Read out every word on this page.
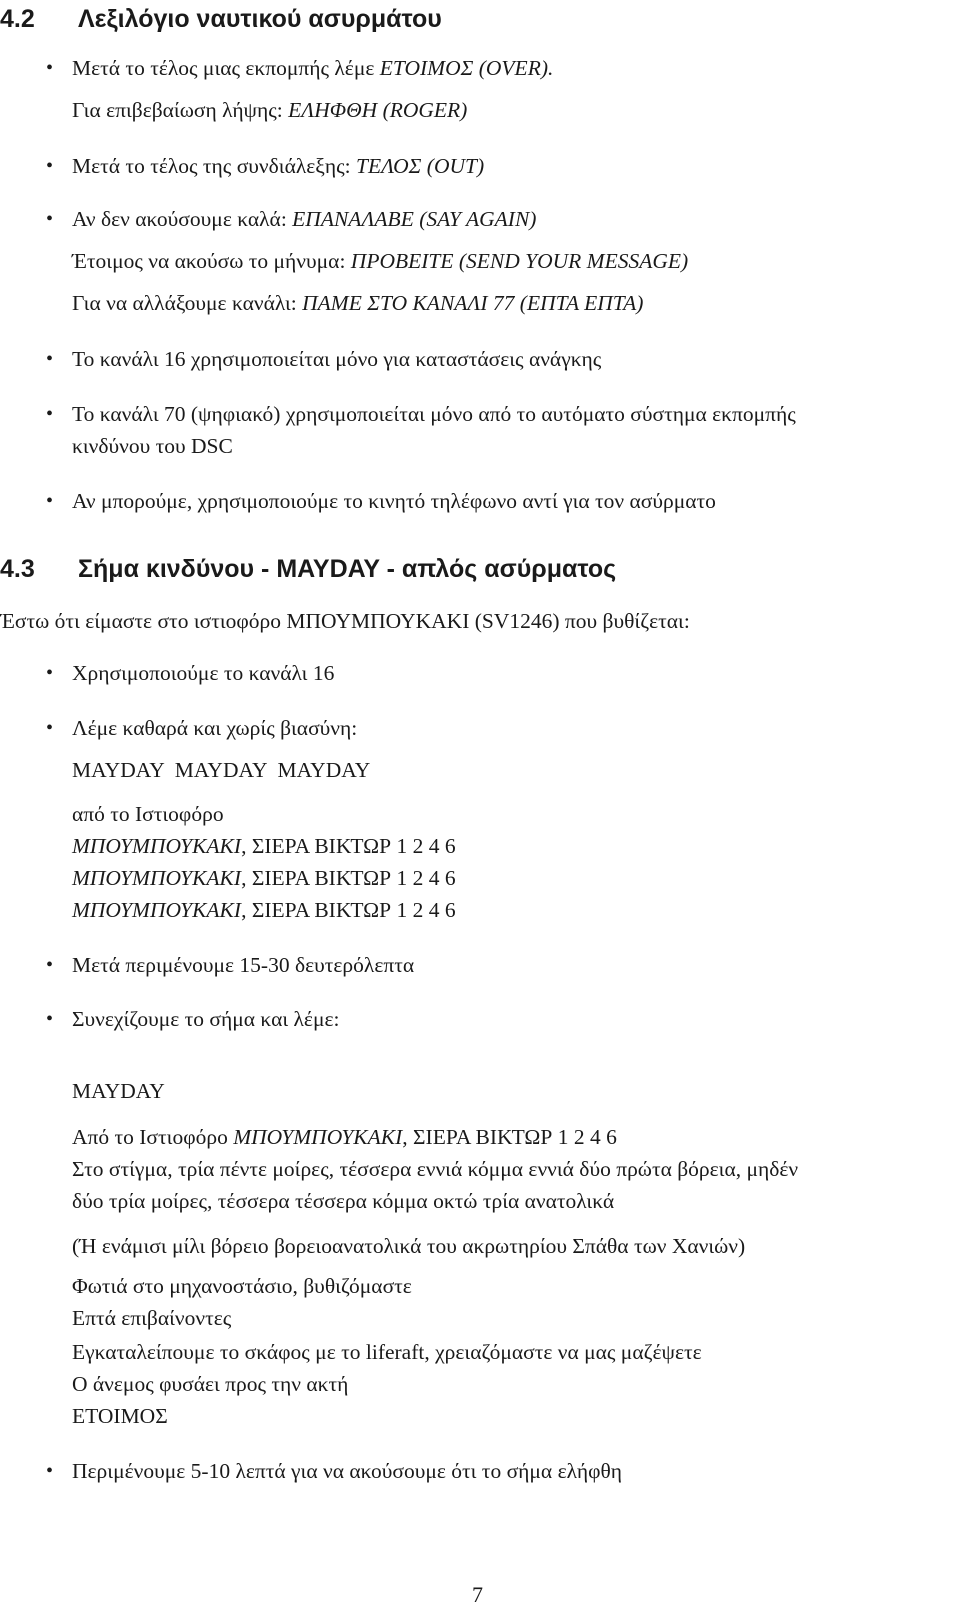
4.2 Λεξιλόγιο ναυτικού ασυρμάτου
• Μετά το τέλος μιας εκπομπής λέμε ΕΤΟΙΜΟΣ (OVER).
Για επιβεβαίωση λήψης: ΕΛΗΦΘΗ (ROGER)
• Μετά το τέλος της συνδιάλεξης: ΤΕΛΟΣ (OUT)
• Αν δεν ακούσουμε καλά: ΕΠΑΝΑΛΑΒΕ (SAY AGAIN)
Έτοιμος να ακούσω το μήνυμα: ΠΡΟΒΕΙΤΕ (SEND YOUR MESSAGE)
Για να αλλάξουμε κανάλι: ΠΑΜΕ ΣΤΟ ΚΑΝΑΛΙ 77 (ΕΠΤΑ ΕΠΤΑ)
• Το κανάλι 16 χρησιμοποιείται μόνο για καταστάσεις ανάγκης
• Το κανάλι 70 (ψηφιακό) χρησιμοποιείται μόνο από το αυτόματο σύστημα εκπομπής
κινδύνου του DSC
• Αν μπορούμε, χρησιμοποιούμε το κινητό τηλέφωνο αντί για τον ασύρματο
4.3 Σήμα κινδύνου - MAYDAY - απλός ασύρματος
Έστω ότι είμαστε στο ιστιοφόρο ΜΠΟΥΜΠΟΥΚΑΚΙ (SV1246) που βυθίζεται:
• Χρησιμοποιούμε το κανάλι 16
• Λέμε καθαρά και χωρίς βιασύνη:
MAYDAY  MAYDAY  MAYDAY
από το Ιστιοφόρο
ΜΠΟΥΜΠΟΥΚΑΚΙ, ΣΙΕΡΑ ΒΙΚΤΩΡ 1 2 4 6
ΜΠΟΥΜΠΟΥΚΑΚΙ, ΣΙΕΡΑ ΒΙΚΤΩΡ 1 2 4 6
ΜΠΟΥΜΠΟΥΚΑΚΙ, ΣΙΕΡΑ ΒΙΚΤΩΡ 1 2 4 6
• Μετά περιμένουμε 15-30 δευτερόλεπτα
• Συνεχίζουμε το σήμα και λέμε:
MAYDAY
Από το Ιστιοφόρο ΜΠΟΥΜΠΟΥΚΑΚΙ, ΣΙΕΡΑ ΒΙΚΤΩΡ 1 2 4 6
Στο στίγμα, τρία πέντε μοίρες, τέσσερα εννιά κόμμα εννιά δύο πρώτα βόρεια, μηδέν
δύο τρία μοίρες, τέσσερα τέσσερα κόμμα οκτώ τρία ανατολικά
(Ή ενάμισι μίλι βόρειο βορειοανατολικά του ακρωτηρίου Σπάθα των Χανιών)
Φωτιά στο μηχανοστάσιο, βυθιζόμαστε
Επτά επιβαίνοντες
Εγκαταλείπουμε το σκάφος με το liferaft, χρειαζόμαστε να μας μαζέψετε
Ο άνεμος φυσάει προς την ακτή
ΕΤΟΙΜΟΣ
• Περιμένουμε 5-10 λεπτά για να ακούσουμε ότι το σήμα ελήφθη
7
